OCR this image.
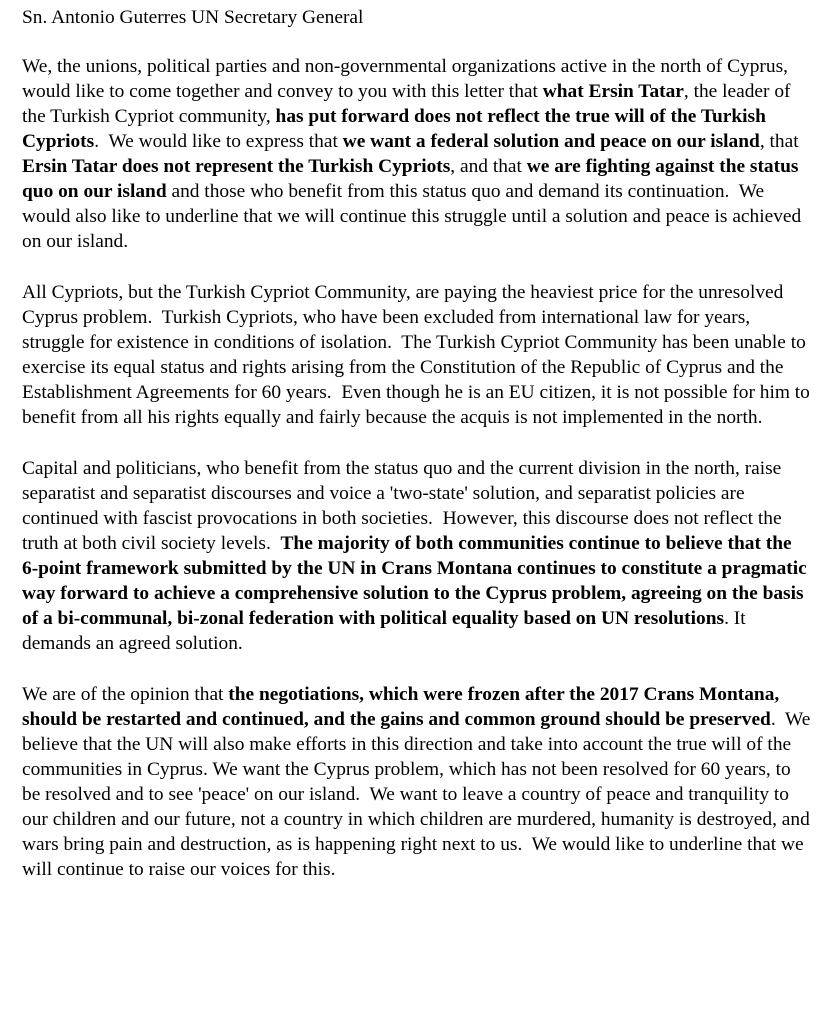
Sn. Antonio Guterres UN Secretary General

We, the unions, political parties and non-governmental organizations active in the north of Cyprus, would like to come together and convey to you with this letter that what Ersin Tatar, the leader of the Turkish Cypriot community, has put forward does not reflect the true will of the Turkish Cypriots.  We would like to express that we want a federal solution and peace on our island, that Ersin Tatar does not represent the Turkish Cypriots, and that we are fighting against the status quo on our island and those who benefit from this status quo and demand its continuation.  We would also like to underline that we will continue this struggle until a solution and peace is achieved on our island.

All Cypriots, but the Turkish Cypriot Community, are paying the heaviest price for the unresolved Cyprus problem.  Turkish Cypriots, who have been excluded from international law for years, struggle for existence in conditions of isolation.  The Turkish Cypriot Community has been unable to exercise its equal status and rights arising from the Constitution of the Republic of Cyprus and the Establishment Agreements for 60 years.  Even though he is an EU citizen, it is not possible for him to benefit from all his rights equally and fairly because the acquis is not implemented in the north.

Capital and politicians, who benefit from the status quo and the current division in the north, raise separatist and separatist discourses and voice a 'two-state' solution, and separatist policies are continued with fascist provocations in both societies.  However, this discourse does not reflect the truth at both civil society levels.  The majority of both communities continue to believe that the 6-point framework submitted by the UN in Crans Montana continues to constitute a pragmatic way forward to achieve a comprehensive solution to the Cyprus problem, agreeing on the basis of a bi-communal, bi-zonal federation with political equality based on UN resolutions. It demands an agreed solution.

We are of the opinion that the negotiations, which were frozen after the 2017 Crans Montana, should be restarted and continued, and the gains and common ground should be preserved.  We believe that the UN will also make efforts in this direction and take into account the true will of the communities in Cyprus. We want the Cyprus problem, which has not been resolved for 60 years, to be resolved and to see 'peace' on our island.  We want to leave a country of peace and tranquility to our children and our future, not a country in which children are murdered, humanity is destroyed, and wars bring pain and destruction, as is happening right next to us.  We would like to underline that we will continue to raise our voices for this.
